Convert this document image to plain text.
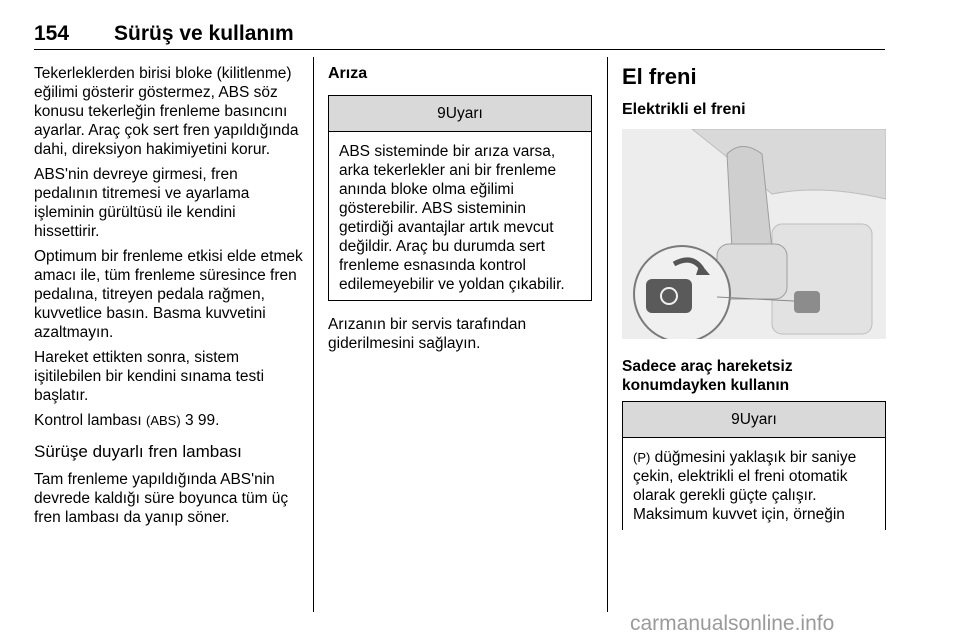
154 Sürüş ve kullanım

Tekerleklerden birisi bloke (kilitlenme) eğilimi gösterir göstermez, ABS söz konusu tekerleğin frenleme basıncını ayarlar. Araç çok sert fren yapıldığında dahi, direksiyon hakimiyetini korur.

ABS'nin devreye girmesi, fren pedalının titremesi ve ayarlama işleminin gürültüsü ile kendini hissettirir.

Optimum bir frenleme etkisi elde etmek amacı ile, tüm frenleme süresince fren pedalına, titreyen pedala rağmen, kuvvetlice basın. Basma kuvvetini azaltmayın.

Hareket ettikten sonra, sistem işitilebilen bir kendini sınama testi başlatır.

Kontrol lambası (ABS) 3 99.

Sürüşe duyarlı fren lambası

Tam frenleme yapıldığında ABS'nin devrede kaldığı süre boyunca tüm üç fren lambası da yanıp söner.

Arıza
9Uyarı

ABS sisteminde bir arıza varsa, arka tekerlekler ani bir frenleme anında bloke olma eğilimi gösterebilir. ABS sisteminin getirdiği avantajlar artık mevcut değildir. Araç bu durumda sert frenleme esnasında kontrol edilemeyebilir ve yoldan çıkabilir.

Arızanın bir servis tarafından giderilmesini sağlayın.

El freni
Elektrikli el freni
Sadece araç hareketsiz konumdayken kullanın
9Uyarı

(P) düğmesini yaklaşık bir saniye çekin, elektrikli el freni otomatik olarak gerekli güçte çalışır. Maksimum kuvvet için, örneğin

carmanualsonline.info
